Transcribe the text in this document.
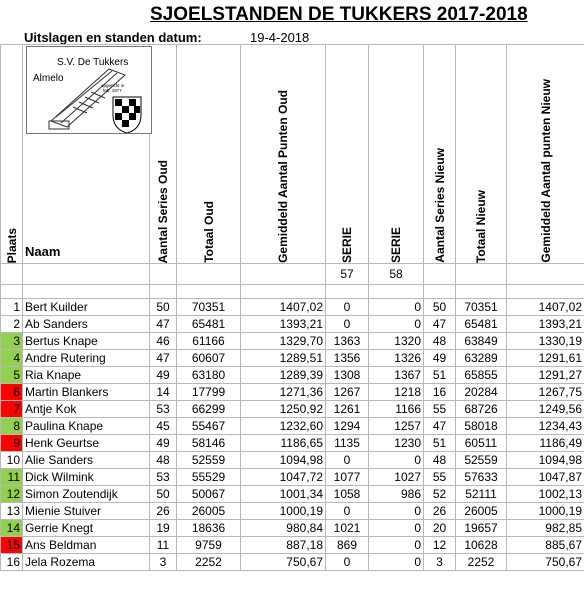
SJOELSTANDEN DE TUKKERS 2017-2018
Uitslagen en standen datum:	19-4-2018
Plaats	Naam	Aantal Series Oud	Totaal Oud	Gemiddeld Aantal Punten Oud	SERIE	SERIE	Aantal Series Nieuw	Totaal Nieuw	Gemiddeld Aantal punten Nieuw

					57	58			

1	Bert Kuilder	50	70351	1407,02	0	0	50	70351	1407,02
2	Ab Sanders	47	65481	1393,21	0	0	47	65481	1393,21
3	Bertus Knape	46	61166	1329,70	1363	1320	48	63849	1330,19
4	Andre Rutering	47	60607	1289,51	1356	1326	49	63289	1291,61
5	Ria Knape	49	63180	1289,39	1308	1367	51	65855	1291,27
6	Martin Blankers	14	17799	1271,36	1267	1218	16	20284	1267,75
7	Antje Kok	53	66299	1250,92	1261	1166	55	68726	1249,56
8	Paulina Knape	45	55467	1232,60	1294	1257	47	58018	1234,43
9	Henk Geurtse	49	58146	1186,65	1135	1230	51	60511	1186,49
10	Alie Sanders	48	52559	1094,98	0	0	48	52559	1094,98
11	Dick Wilmink	53	55529	1047,72	1077	1027	55	57633	1047,87
12	Simon Zoutendijk	50	50067	1001,34	1058	986	52	52111	1002,13
13	Mienie Stuiver	26	26005	1000,19	0	0	26	26005	1000,19
14	Gerrie Knegt	19	18636	980,84	1021	0	20	19657	982,85
15	Ans Beldman	11	9759	887,18	869	0	12	10628	885,67
16	Jela Rozema	3	2252	750,67	0	0	3	2252	750,67
S.V. De Tukkers
Almelo
opgericht in
feb. 1977
